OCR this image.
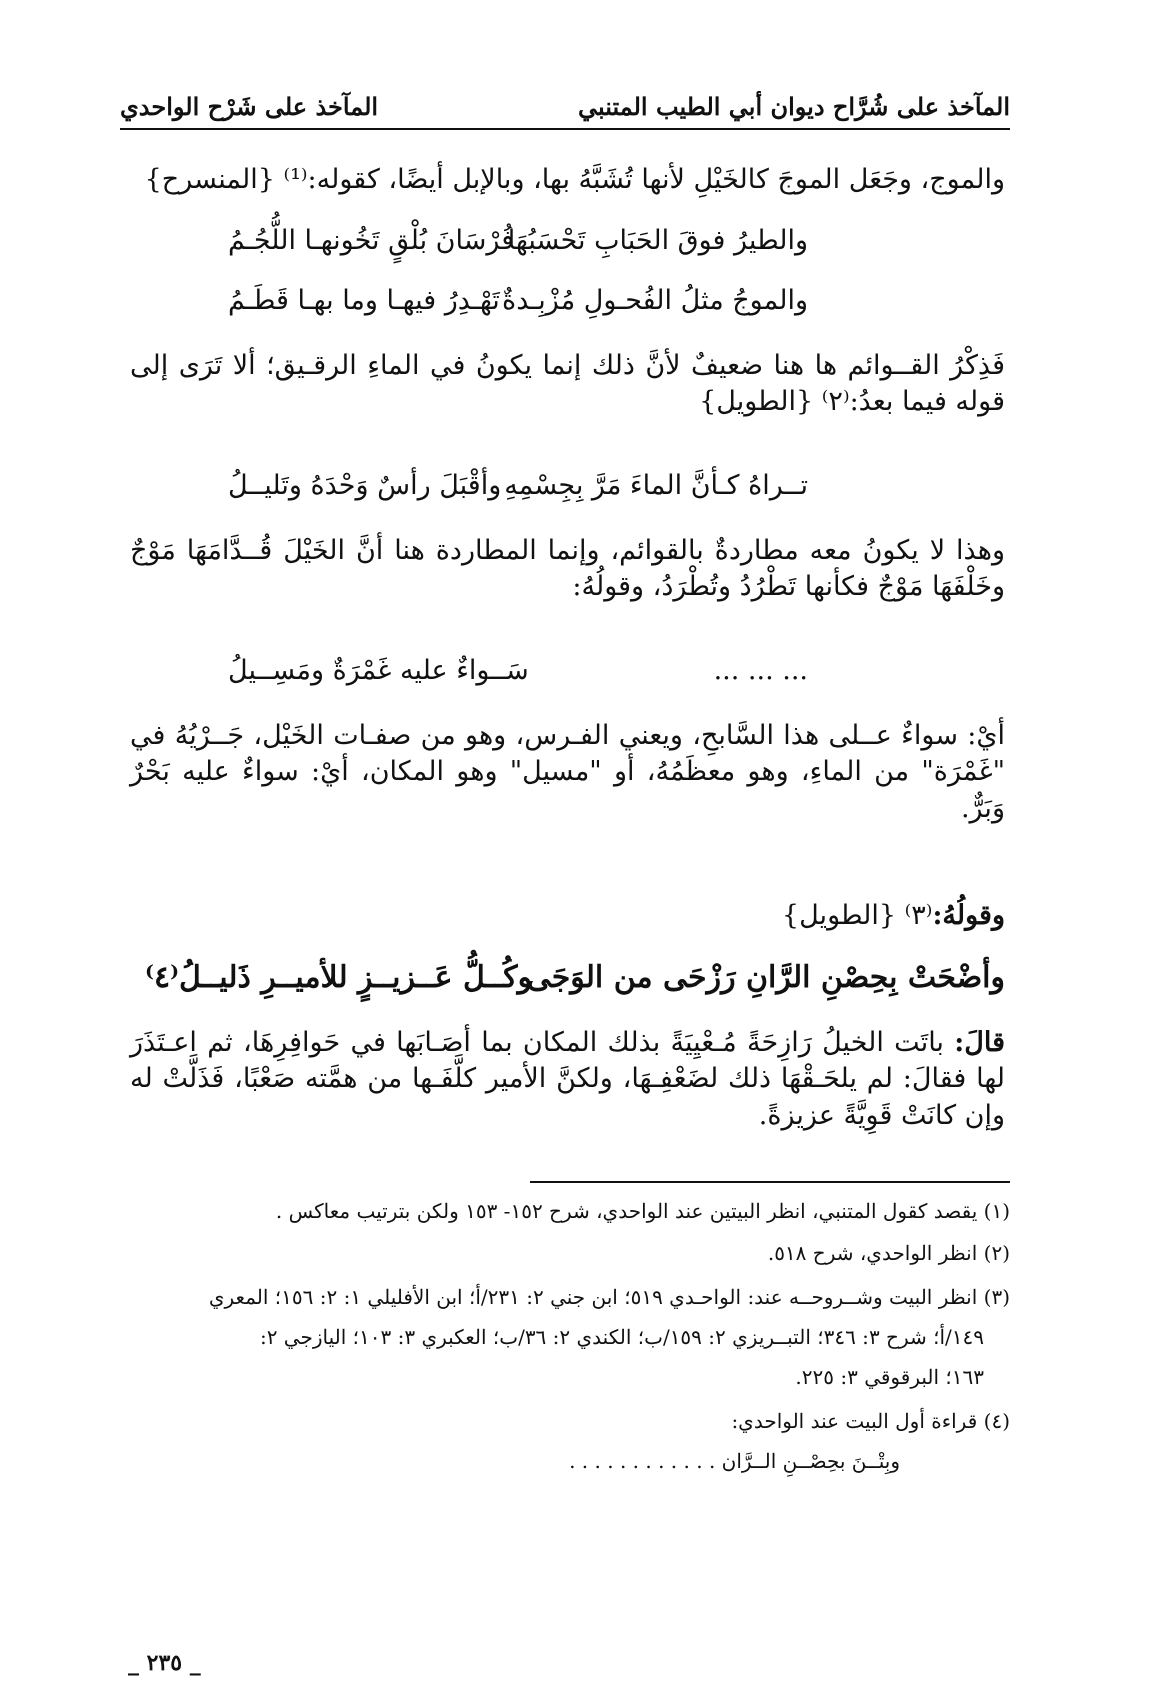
المآخذ على شُرَّاح ديوان أبي الطيب المتنبي
المآخذ على شَرْح الواحدي

والموج، وجَعَل الموجَ كالخَيْلِ لأنها تُشَبَّهُ بها، وبالإبل أيضًا، كقوله:⁽¹⁾ {المنسرح}

والطيرُ فوقَ الحَبَابِ تَحْسَبُهَا
فُرْسَانَ بُلْقٍ تَخُونهـا اللُّجُـمُ
والموجُ مثلُ الفُحـولِ مُزْبِـدةٌ
تَهْـدِرُ فيهـا وما بهـا قَطَـمُ

فَذِكْرُ القــوائم ها هنا ضعيفٌ لأنَّ ذلك إنما يكونُ في الماءِ الرقـيق؛ ألا تَرَى إلى قوله فيما بعدُ:⁽٢⁾ {الطويل}

تــراهُ كـأنَّ الماءَ مَرَّ بِجِسْمِهِ
وأقْبَلَ رأسٌ وَحْدَهُ وتَليــلُ

وهذا لا يكونُ معه مطاردةٌ بالقوائم، وإنما المطاردة هنا أنَّ الخَيْلَ قُــدَّامَهَا مَوْجٌ وخَلْفَهَا مَوْجٌ فكأنها تَطْرُدُ وتُطْرَدُ، وقولُهُ:

... ... ...
سَــواءٌ عليه غَمْرَةٌ ومَسِــيلُ

أيْ: سواءٌ عــلى هذا السَّابحِ، ويعني الفـرس، وهو من صفـات الخَيْل، جَــرْيُهُ في "غَمْرَة" من الماءِ، وهو معظَمُهُ، أو "مسيل" وهو المكان، أيْ: سواءٌ عليه بَحْرٌ وَبَرٌّ.

وقولُهُ:⁽٣⁾ {الطويل}

وأضْحَتْ بِحِصْنِ الرَّانِ رَزْحَى من الوَجَى
وكُــلُّ عَــزيــزٍ للأميــرِ ذَليــلُ⁽٤⁾

قالَ: باتَت الخيلُ رَازِحَةً مُـعْيِيَةً بذلك المكان بما أصَـابَها في حَوافِرِهَا، ثم اعـتَذَرَ لها فقالَ: لم يلحَـقْهَا ذلك لضَعْفِـهَا، ولكنَّ الأمير كلَّفَـها من همَّته صَعْبًا، فَذَلَّتْ له وإن كانَتْ قَوِيَّةً عزيزةً.

(١) يقصد كقول المتنبي، انظر البيتين عند الواحدي، شرح ١٥٢- ١٥٣ ولكن بترتيب معاكس .

(٢) انظر الواحدي، شرح ٥١٨.

(٣) انظر البيت وشــروحــه عند: الواحـدي ٥١٩؛ ابن جني ٢: ٢٣١/أ؛ ابن الأفليلي ١: ٢: ١٥٦؛ المعري

١٤٩/أ؛ شرح ٣: ٣٤٦؛ التبــريزي ٢: ١٥٩/ب؛ الكندي ٢: ٣٦/ب؛ العكبري ٣: ١٠٣؛ اليازجي ٢:

١٦٣؛ البرقوقي ٣: ٢٢٥.

(٤) قراءة أول البيت عند الواحدي:

وبِتْــنَ بحِصْــنِ الــرَّان . . . . . . . . . . . .

_ ٢٣٥ _
